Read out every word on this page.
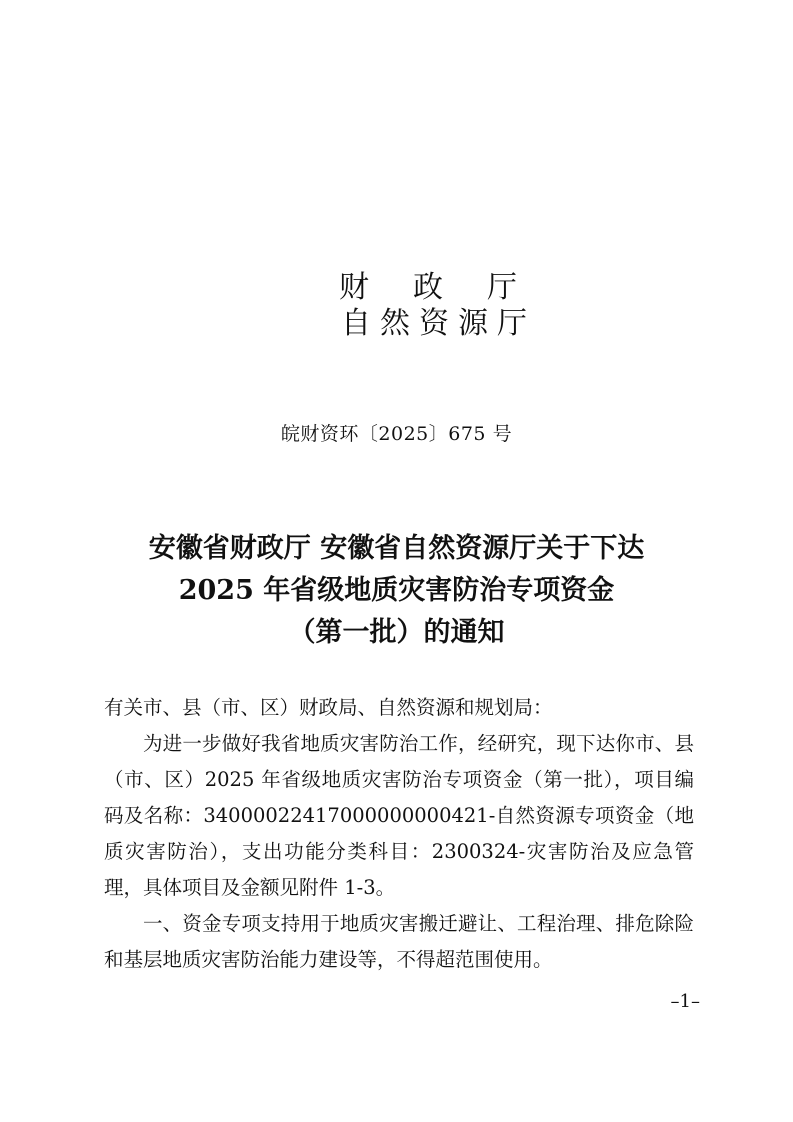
财政厅
自然资源厅
皖财资环〔2025〕675 号
安徽省财政厅 安徽省自然资源厅关于下达
2025 年省级地质灾害防治专项资金
（第一批）的通知

有关市、县（市、区）财政局、自然资源和规划局：

为进一步做好我省地质灾害防治工作，经研究，现下达你市、县（市、区）2025 年省级地质灾害防治专项资金（第一批），项目编码及名称：34000022417000000000421-自然资源专项资金（地质灾害防治），支出功能分类科目：2300324-灾害防治及应急管理，具体项目及金额见附件 1-3。

一、资金专项支持用于地质灾害搬迁避让、工程治理、排危除险和基层地质灾害防治能力建设等，不得超范围使用。

–1–
